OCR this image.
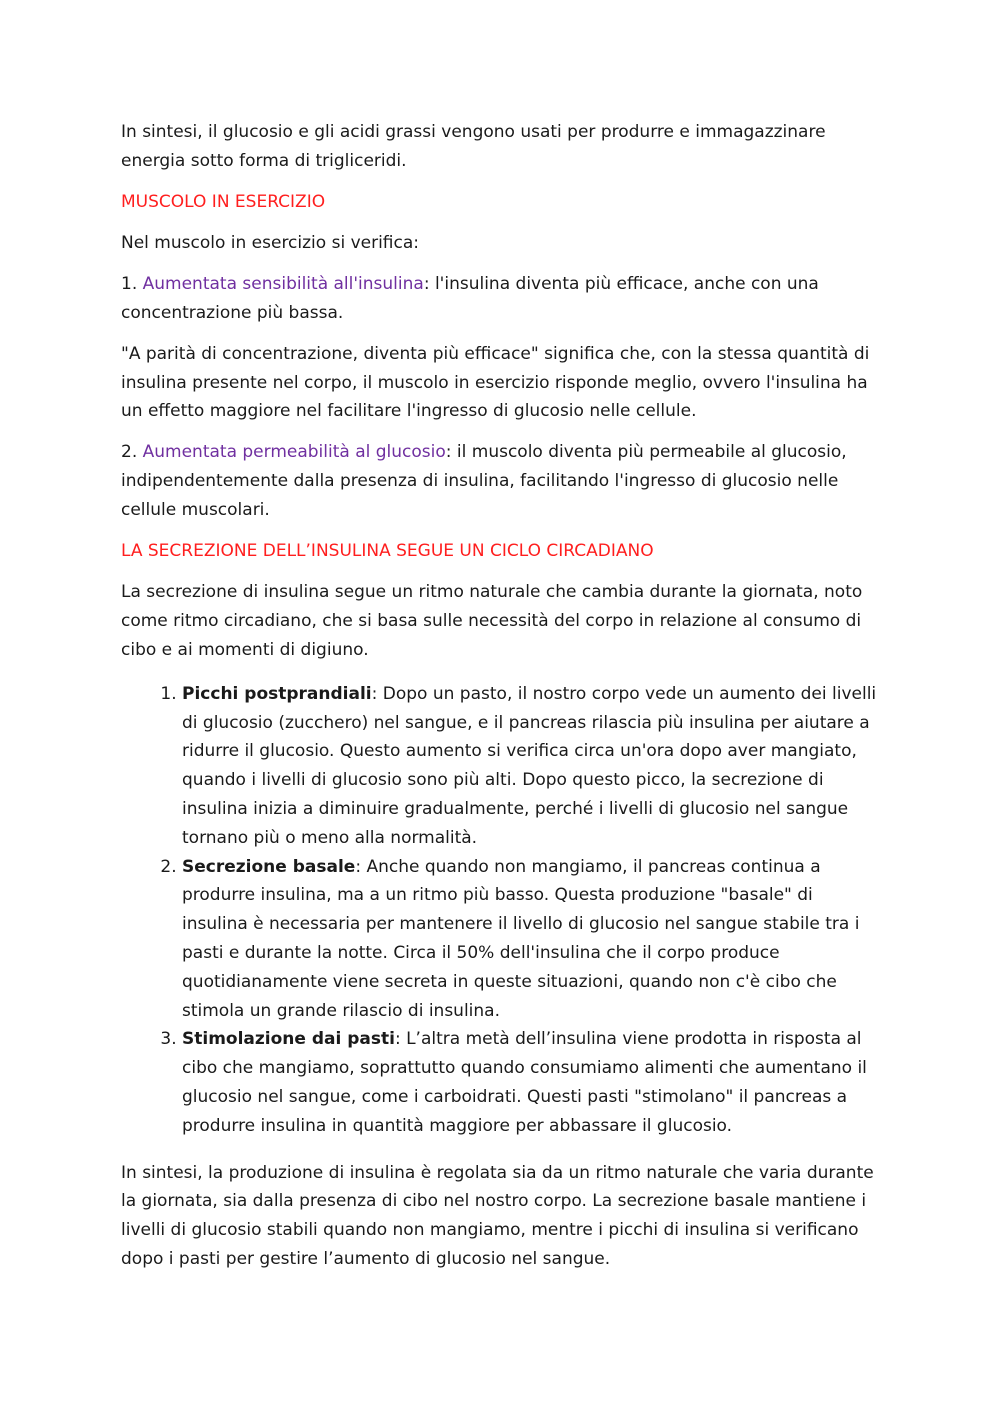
In sintesi, il glucosio e gli acidi grassi vengono usati per produrre e immagazzinare energia sotto forma di trigliceridi.

MUSCOLO IN ESERCIZIO

Nel muscolo in esercizio si verifica:

1. Aumentata sensibilità all'insulina: l'insulina diventa più efficace, anche con una concentrazione più bassa.

"A parità di concentrazione, diventa più efficace" significa che, con la stessa quantità di insulina presente nel corpo, il muscolo in esercizio risponde meglio, ovvero l'insulina ha un effetto maggiore nel facilitare l'ingresso di glucosio nelle cellule.

2. Aumentata permeabilità al glucosio: il muscolo diventa più permeabile al glucosio, indipendentemente dalla presenza di insulina, facilitando l'ingresso di glucosio nelle cellule muscolari.

LA SECREZIONE DELL’INSULINA SEGUE UN CICLO CIRCADIANO

La secrezione di insulina segue un ritmo naturale che cambia durante la giornata, noto come ritmo circadiano, che si basa sulle necessità del corpo in relazione al consumo di cibo e ai momenti di digiuno.

1. Picchi postprandiali: Dopo un pasto, il nostro corpo vede un aumento dei livelli di glucosio (zucchero) nel sangue, e il pancreas rilascia più insulina per aiutare a ridurre il glucosio. Questo aumento si verifica circa un'ora dopo aver mangiato, quando i livelli di glucosio sono più alti. Dopo questo picco, la secrezione di insulina inizia a diminuire gradualmente, perché i livelli di glucosio nel sangue tornano più o meno alla normalità.
2. Secrezione basale: Anche quando non mangiamo, il pancreas continua a produrre insulina, ma a un ritmo più basso. Questa produzione "basale" di insulina è necessaria per mantenere il livello di glucosio nel sangue stabile tra i pasti e durante la notte. Circa il 50% dell'insulina che il corpo produce quotidianamente viene secreta in queste situazioni, quando non c'è cibo che stimola un grande rilascio di insulina.
3. Stimolazione dai pasti: L’altra metà dell’insulina viene prodotta in risposta al cibo che mangiamo, soprattutto quando consumiamo alimenti che aumentano il glucosio nel sangue, come i carboidrati. Questi pasti "stimolano" il pancreas a produrre insulina in quantità maggiore per abbassare il glucosio.

In sintesi, la produzione di insulina è regolata sia da un ritmo naturale che varia durante la giornata, sia dalla presenza di cibo nel nostro corpo. La secrezione basale mantiene i livelli di glucosio stabili quando non mangiamo, mentre i picchi di insulina si verificano dopo i pasti per gestire l’aumento di glucosio nel sangue.
